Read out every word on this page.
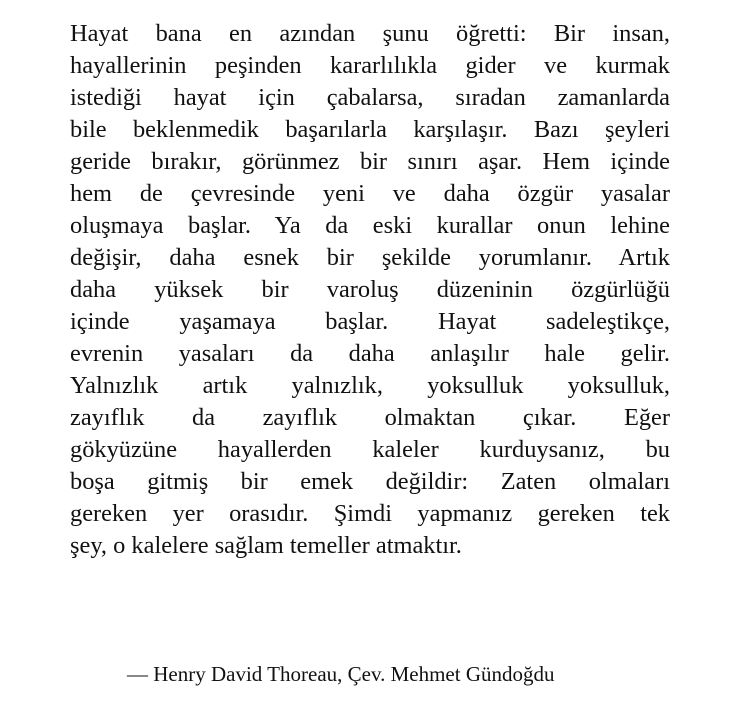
Hayat bana en azından şunu öğretti: Bir insan,
hayallerinin peşinden kararlılıkla gider ve kurmak
istediği hayat için çabalarsa, sıradan zamanlarda
bile beklenmedik başarılarla karşılaşır. Bazı şeyleri
geride bırakır, görünmez bir sınırı aşar. Hem içinde
hem de çevresinde yeni ve daha özgür yasalar
oluşmaya başlar. Ya da eski kurallar onun lehine
değişir, daha esnek bir şekilde yorumlanır. Artık
daha yüksek bir varoluş düzeninin özgürlüğü
içinde yaşamaya başlar. Hayat sadeleştikçe,
evrenin yasaları da daha anlaşılır hale gelir.
Yalnızlık artık yalnızlık, yoksulluk yoksulluk,
zayıflık da zayıflık olmaktan çıkar. Eğer
gökyüzüne hayallerden kaleler kurduysanız, bu
boşa gitmiş bir emek değildir: Zaten olmaları
gereken yer orasıdır. Şimdi yapmanız gereken tek
şey, o kalelere sağlam temeller atmaktır.

— Henry David Thoreau, Çev. Mehmet Gündoğdu
